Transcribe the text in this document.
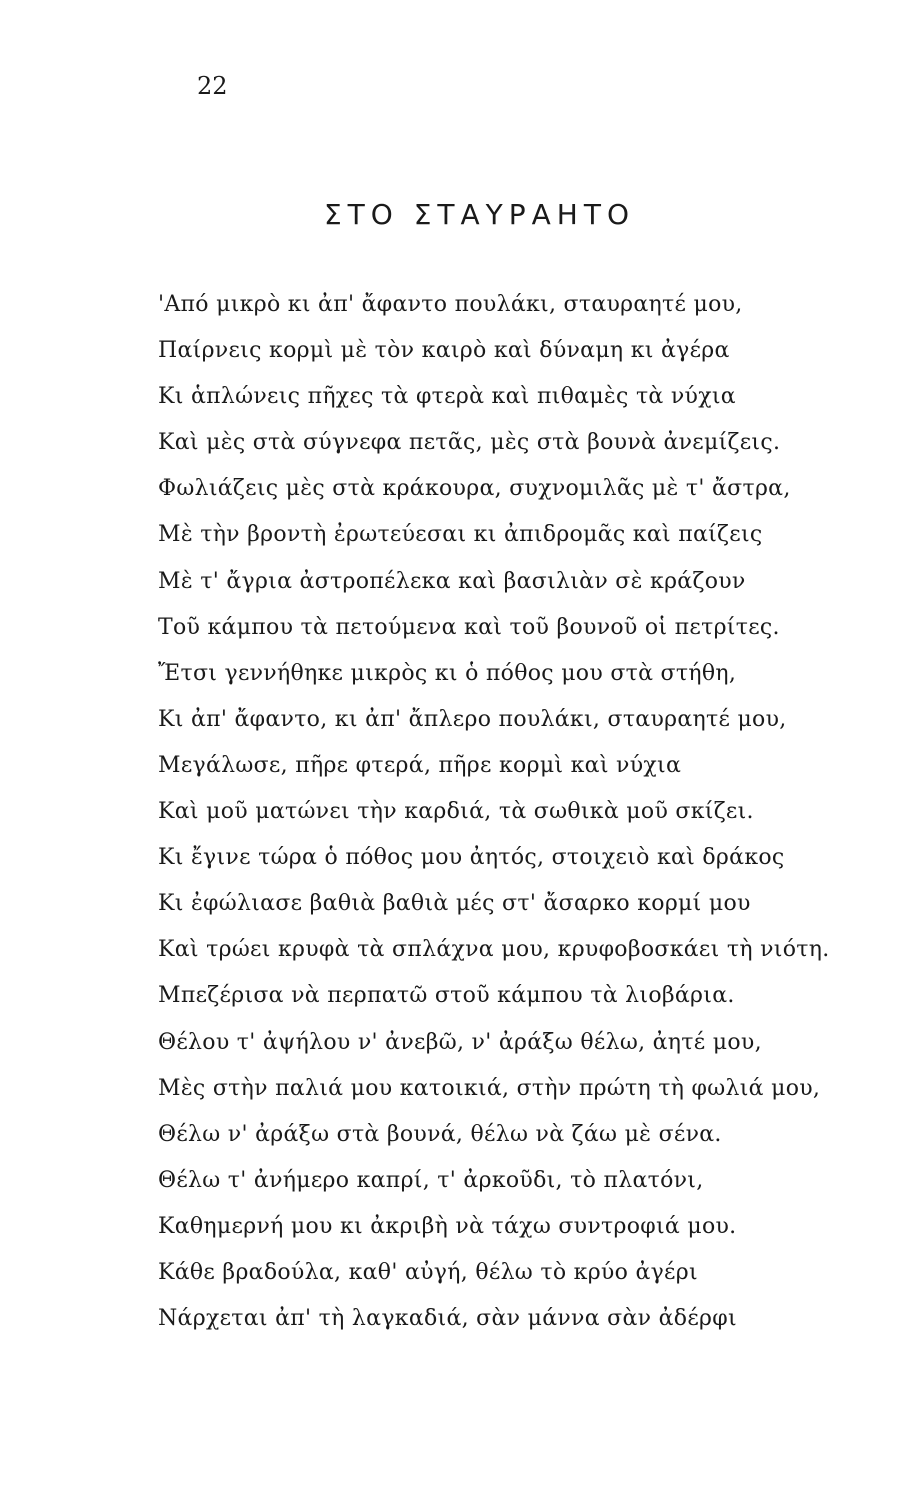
22
ΣΤΟ ΣΤΑΥΡΑΗΤΟ
'Από μικρὸ κι ἀπ' ἄφαντο πουλάκι, σταυραητέ μου,
Παίρνεις κορμὶ μὲ τὸν καιρὸ καὶ δύναμη κι ἀγέρα
Κι ἁπλώνεις πῆχες τὰ φτερὰ καὶ πιθαμὲς τὰ νύχια
Καὶ μὲς στὰ σύγνεφα πετᾶς, μὲς στὰ βουνὰ ἀνεμίζεις.
Φωλιάζεις μὲς στὰ κράκουρα, συχνομιλᾶς μὲ τ' ἄστρα,
Μὲ τὴν βροντὴ ἐρωτεύεσαι κι ἀπιδρομᾶς καὶ παίζεις
Μὲ τ' ἄγρια ἀστροπέλεκα καὶ βασιλιὰν σὲ κράζουν
Τοῦ κάμπου τὰ πετούμενα καὶ τοῦ βουνοῦ οἱ πετρίτες.
Ἔτσι γεννήθηκε μικρὸς κι ὁ πόθος μου στὰ στήθη,
Κι ἀπ' ἄφαντο, κι ἀπ' ἄπλερο πουλάκι, σταυραητέ μου,
Μεγάλωσε, πῆρε φτερά, πῆρε κορμὶ καὶ νύχια
Καὶ μοῦ ματώνει τὴν καρδιά, τὰ σωθικὰ μοῦ σκίζει.
Κι ἔγινε τώρα ὁ πόθος μου ἀητός, στοιχειὸ καὶ δράκος
Κι ἐφώλιασε βαθιὰ βαθιὰ μές στ' ἄσαρκο κορμί μου
Καὶ τρώει κρυφὰ τὰ σπλάχνα μου, κρυφοβοσκάει τὴ νιότη.
Μπεζέρισα νὰ περπατῶ στοῦ κάμπου τὰ λιοβάρια.
Θέλου τ' ἀψήλου ν' ἀνεβῶ, ν' ἀράξω θέλω, ἀητέ μου,
Μὲς στὴν παλιά μου κατοικιά, στὴν πρώτη τὴ φωλιά μου,
Θέλω ν' ἀράξω στὰ βουνά, θέλω νὰ ζάω μὲ σένα.
Θέλω τ' ἀνήμερο καπρί, τ' ἀρκοῦδι, τὸ πλατόνι,
Καθημερνή μου κι ἀκριβὴ νὰ τάχω συντροφιά μου.
Κάθε βραδούλα, καθ' αὐγή, θέλω τὸ κρύο ἀγέρι
Νάρχεται ἀπ' τὴ λαγκαδιά, σὰν μάννα σὰν ἀδέρφι
